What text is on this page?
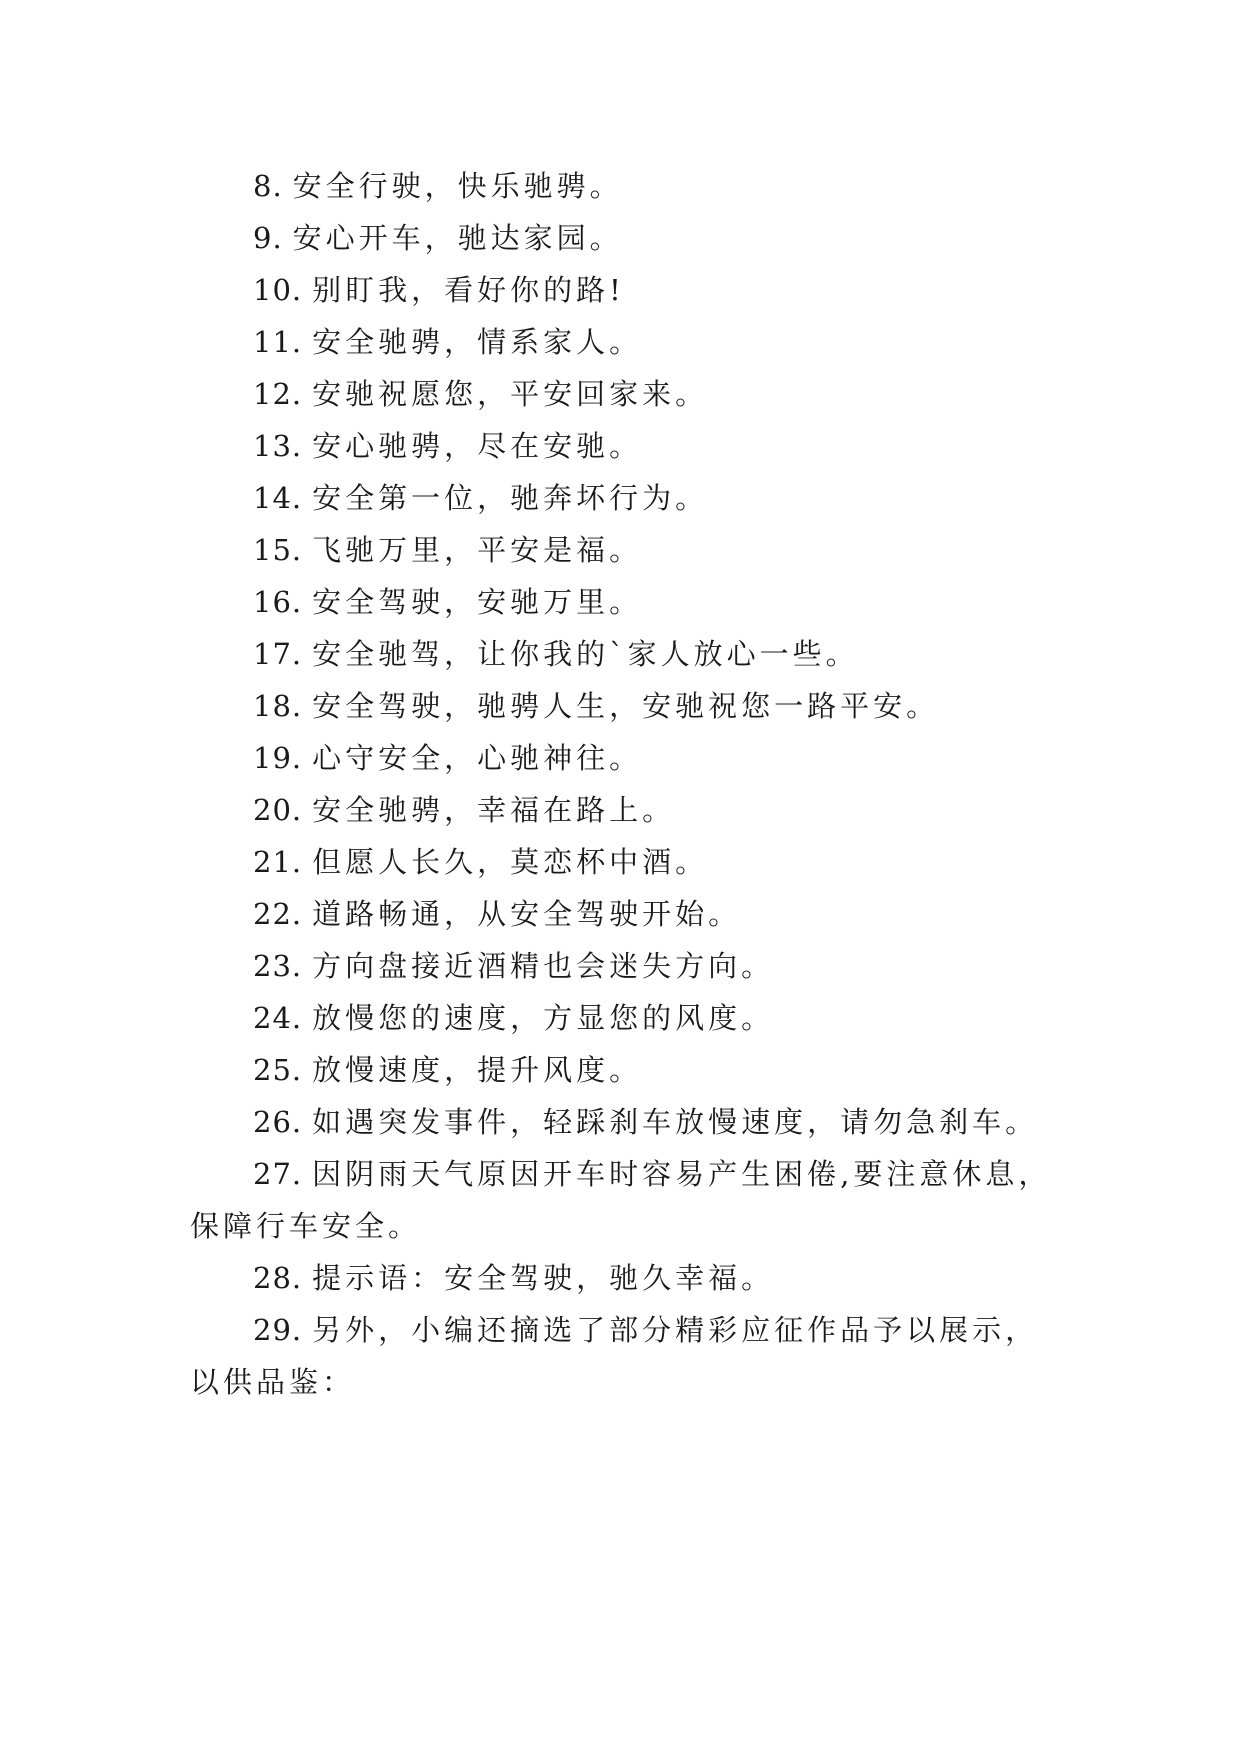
8. 安全行驶，快乐驰骋。
9. 安心开车，驰达家园。
10. 别盯我，看好你的路!
11. 安全驰骋，情系家人。
12. 安驰祝愿您，平安回家来。
13. 安心驰骋，尽在安驰。
14. 安全第一位，驰奔坏行为。
15. 飞驰万里，平安是福。
16. 安全驾驶，安驰万里。
17. 安全驰驾，让你我的`家人放心一些。
18. 安全驾驶，驰骋人生，安驰祝您一路平安。
19. 心守安全，心驰神往。
20. 安全驰骋，幸福在路上。
21. 但愿人长久，莫恋杯中酒。
22. 道路畅通，从安全驾驶开始。
23. 方向盘接近酒精也会迷失方向。
24. 放慢您的速度，方显您的风度。
25. 放慢速度，提升风度。
26. 如遇突发事件，轻踩刹车放慢速度，请勿急刹车。
27. 因阴雨天气原因开车时容易产生困倦,要注意休息，
保障行车安全。
28. 提示语：安全驾驶，驰久幸福。
29. 另外，小编还摘选了部分精彩应征作品予以展示，
以供品鉴：
